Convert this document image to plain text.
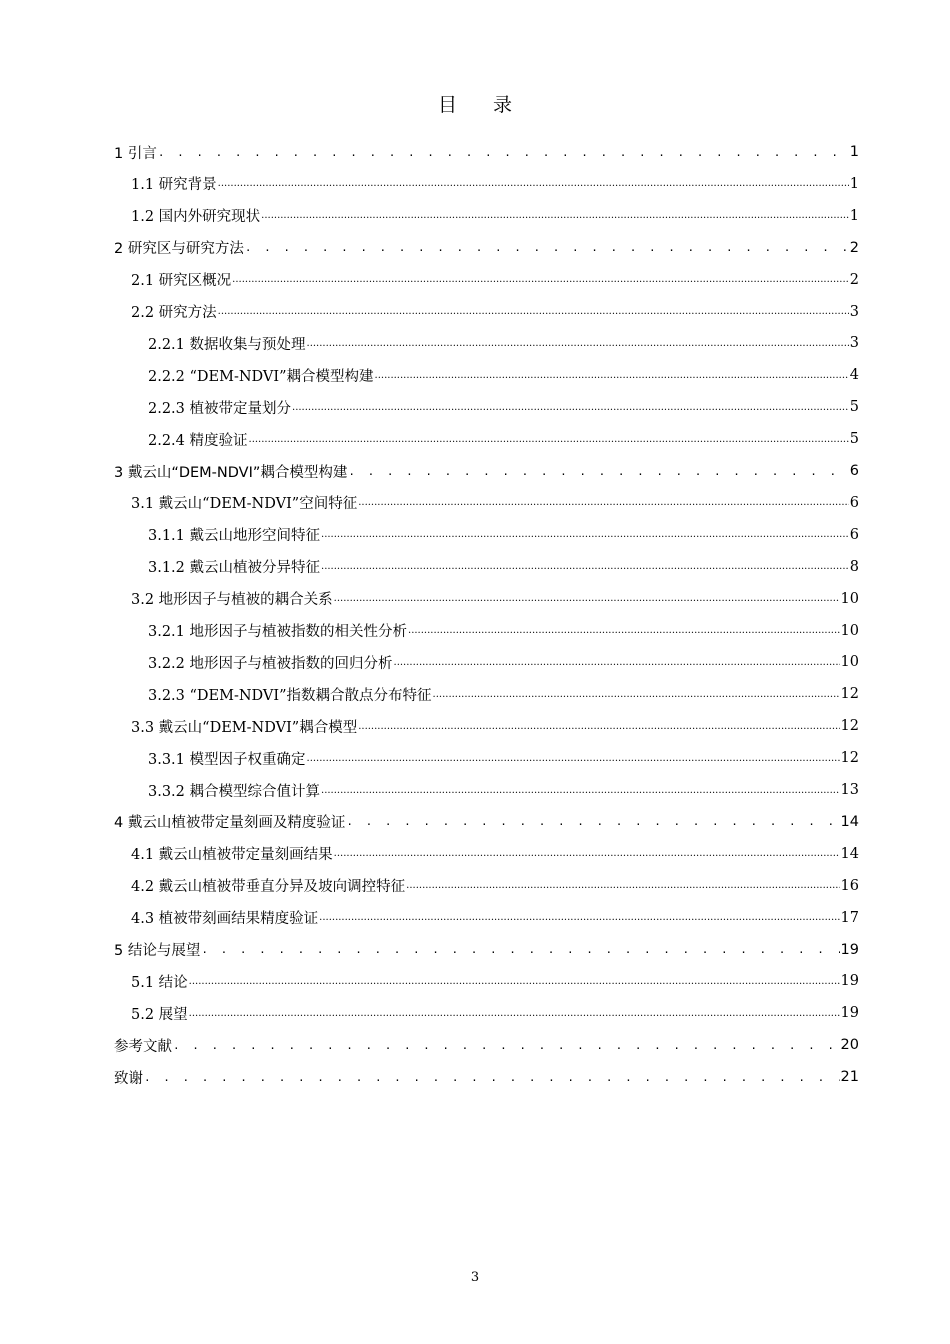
目录
1 引言 . . .	1
1.1 研究背景 .....	1
1.2 国内外研究现状 .....	1
2 研究区与研究方法 . . .	2
2.1 研究区概况 .....	2
2.2 研究方法 .....	3
2.2.1 数据收集与预处理 .....	3
2.2.2 “DEM-NDVI”耦合模型构建 .....	4
2.2.3 植被带定量划分 .....	5
2.2.4 精度验证 .....	5
3 戴云山“DEM-NDVI”耦合模型构建 . . .	6
3.1 戴云山“DEM-NDVI”空间特征 .....	6
3.1.1 戴云山地形空间特征 .....	6
3.1.2 戴云山植被分异特征 .....	8
3.2 地形因子与植被的耦合关系 .....	10
3.2.1 地形因子与植被指数的相关性分析 .....	10
3.2.2 地形因子与植被指数的回归分析 .....	10
3.2.3 “DEM-NDVI”指数耦合散点分布特征 .....	12
3.3 戴云山“DEM-NDVI”耦合模型 .....	12
3.3.1 模型因子权重确定 .....	12
3.3.2 耦合模型综合值计算 .....	13
4 戴云山植被带定量刻画及精度验证 . . .	14
4.1 戴云山植被带定量刻画结果 .....	14
4.2 戴云山植被带垂直分异及坡向调控特征 .....	16
4.3 植被带刻画结果精度验证 .....	17
5 结论与展望 . . .	19
5.1 结论 .....	19
5.2 展望 .....	19
参考文献 . . .	20
致谢 . . .	21
3
